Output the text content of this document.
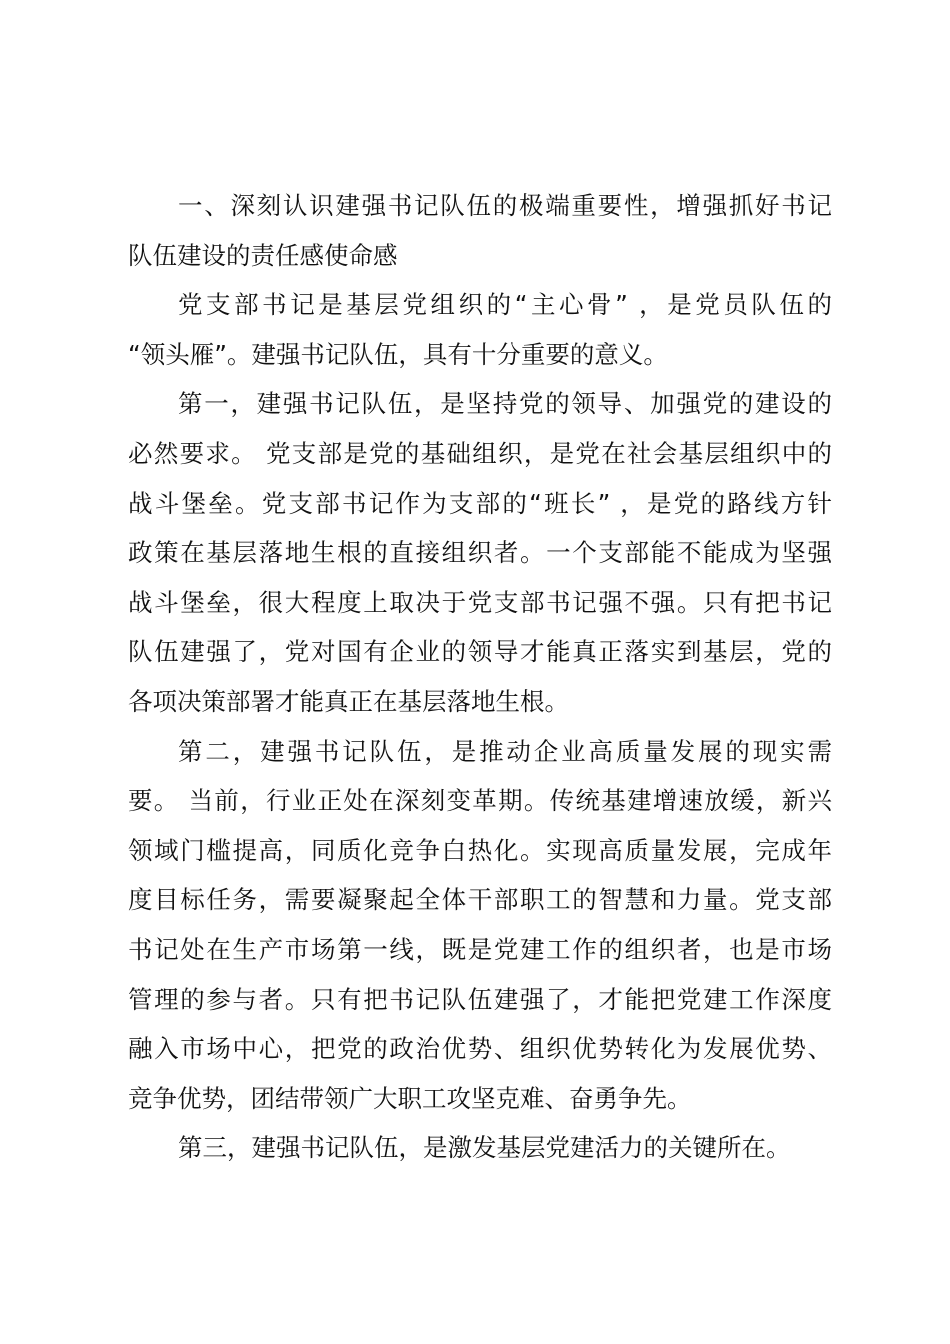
一、深刻认识建强书记队伍的极端重要性，增强抓好书记
队伍建设的责任感使命感
党支部书记是基层党组织的“主心骨” ，是党员队伍的
“领头雁”。建强书记队伍，具有十分重要的意义。
第一，建强书记队伍，是坚持党的领导、加强党的建设的
必然要求。 党支部是党的基础组织，是党在社会基层组织中的
战斗堡垒。党支部书记作为支部的“班长” ，是党的路线方针
政策在基层落地生根的直接组织者。一个支部能不能成为坚强
战斗堡垒，很大程度上取决于党支部书记强不强。只有把书记
队伍建强了，党对国有企业的领导才能真正落实到基层，党的
各项决策部署才能真正在基层落地生根。
第二，建强书记队伍，是推动企业高质量发展的现实需
要。 当前，行业正处在深刻变革期。传统基建增速放缓，新兴
领域门槛提高，同质化竞争白热化。实现高质量发展，完成年
度目标任务，需要凝聚起全体干部职工的智慧和力量。党支部
书记处在生产市场第一线，既是党建工作的组织者，也是市场
管理的参与者。只有把书记队伍建强了，才能把党建工作深度
融入市场中心，把党的政治优势、组织优势转化为发展优势、
竞争优势，团结带领广大职工攻坚克难、奋勇争先。
第三，建强书记队伍，是激发基层党建活力的关键所在。
